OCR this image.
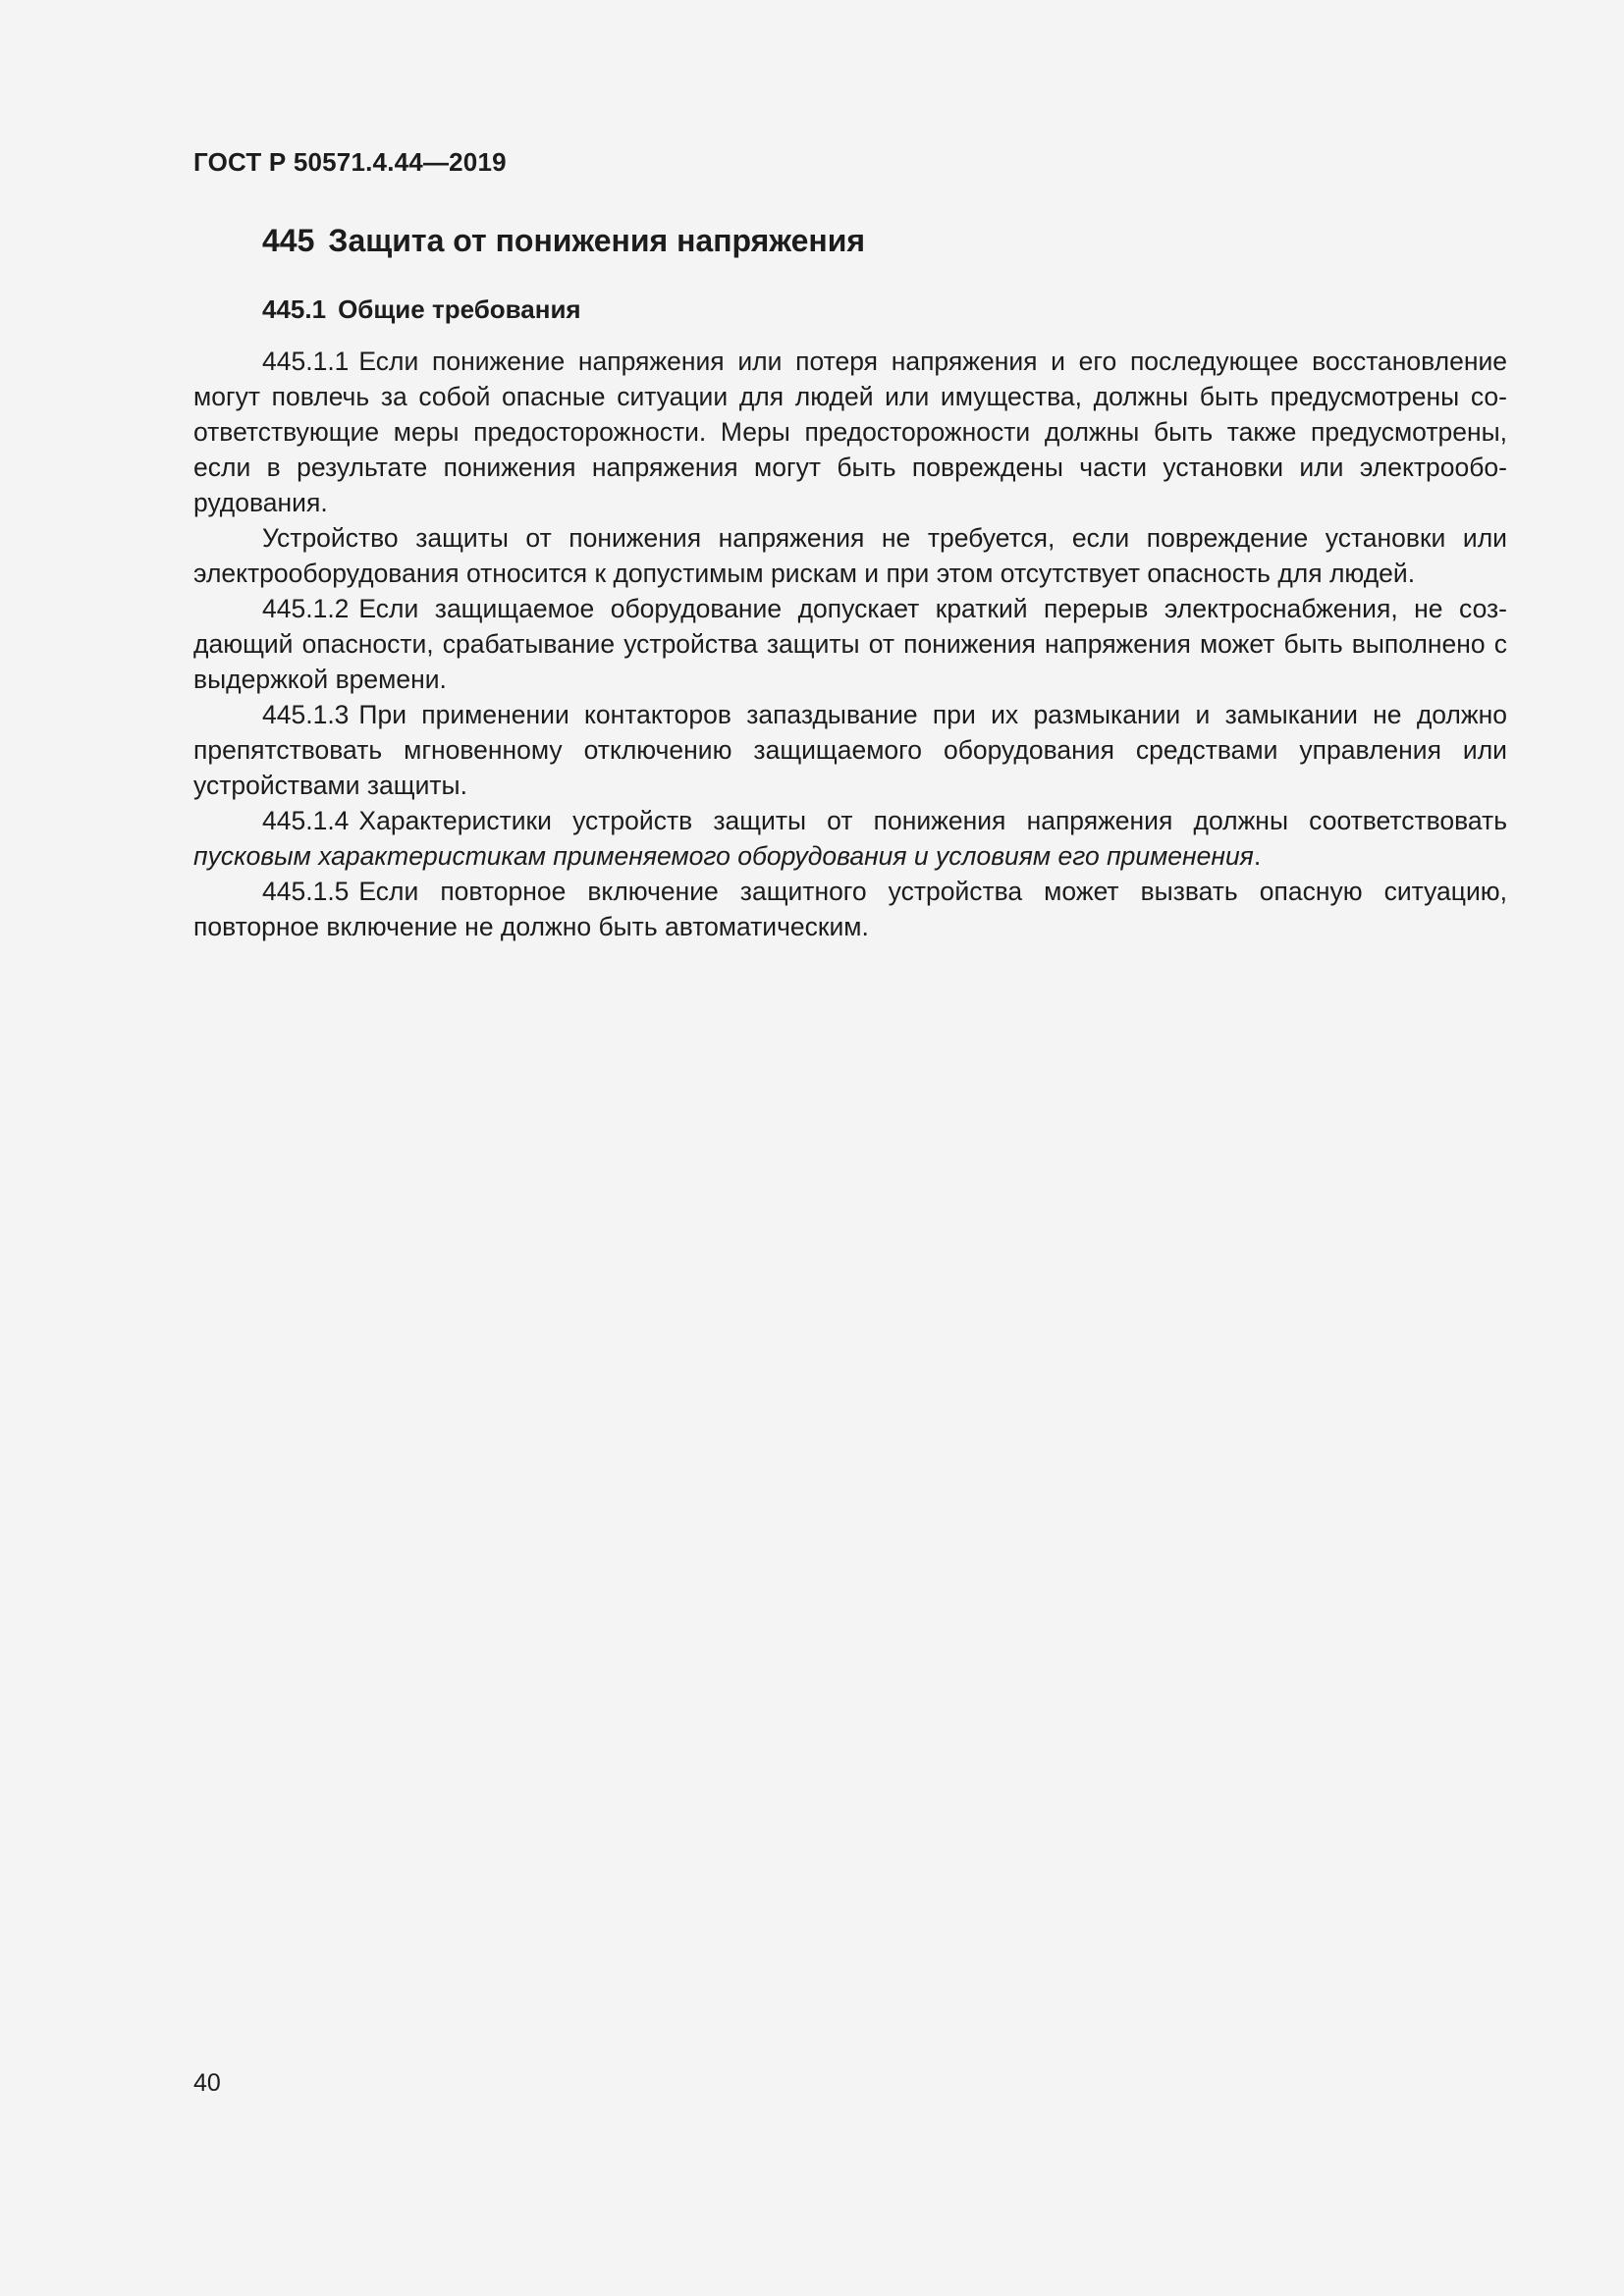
ГОСТ Р 50571.4.44—2019
445 Защита от понижения напряжения
445.1 Общие требования

445.1.1 Если понижение напряжения или потеря напряжения и его последующее восстановление могут повлечь за собой опасные ситуации для людей или имущества, должны быть предусмотрены соответствующие меры предосторожности. Меры предосторожности должны быть также предусмотрены, если в результате понижения напряжения могут быть повреждены части установки или электрооборудования.

Устройство защиты от понижения напряжения не требуется, если повреждение установки или электрооборудования относится к допустимым рискам и при этом отсутствует опасность для людей.

445.1.2 Если защищаемое оборудование допускает краткий перерыв электроснабжения, не создающий опасности, срабатывание устройства защиты от понижения напряжения может быть выполнено с выдержкой времени.

445.1.3 При применении контакторов запаздывание при их размыкании и замыкании не должно препятствовать мгновенному отключению защищаемого оборудования средствами управления или устройствами защиты.

445.1.4 Характеристики устройств защиты от понижения напряжения должны соответствовать пусковым характеристикам применяемого оборудования и условиям его применения.

445.1.5 Если повторное включение защитного устройства может вызвать опасную ситуацию, повторное включение не должно быть автоматическим.

40
